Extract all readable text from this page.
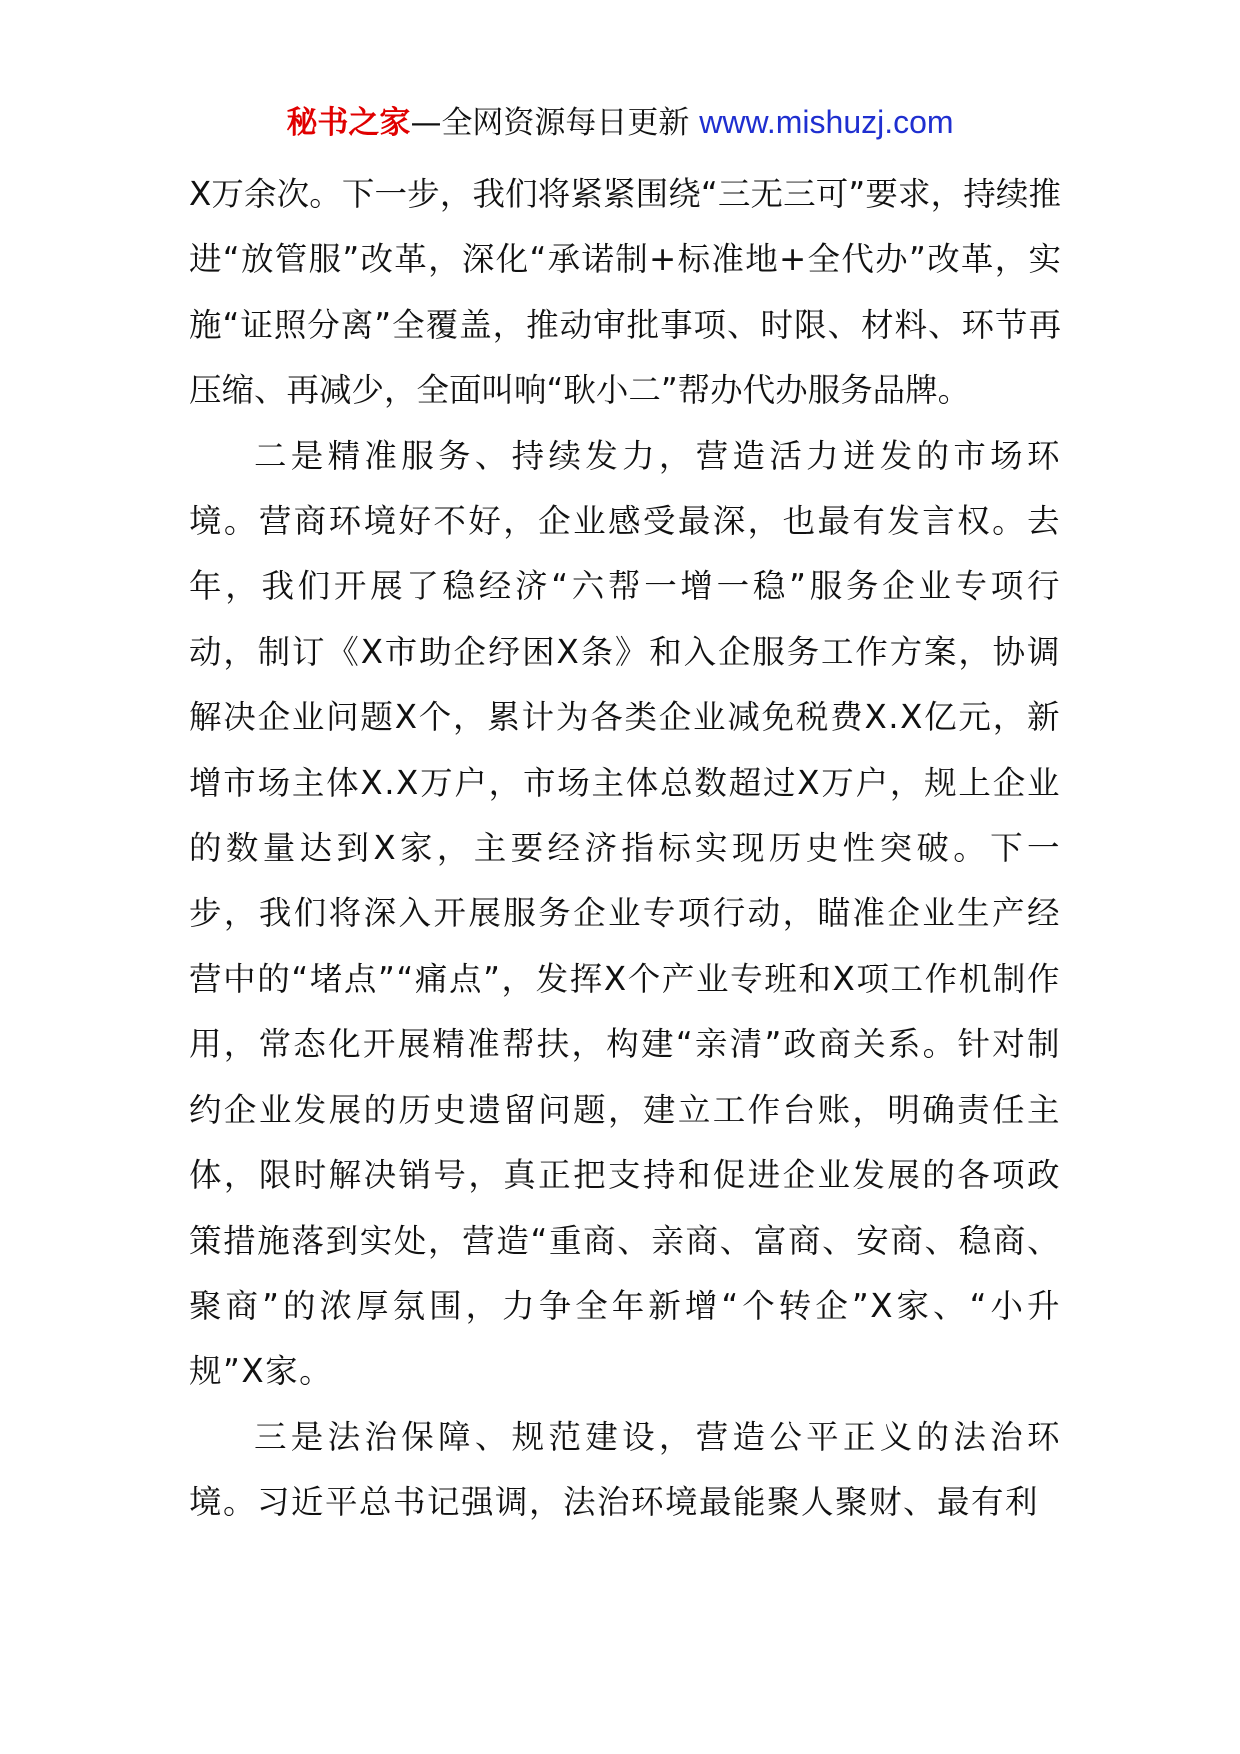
秘书之家—全网资源每日更新 www.mishuzj.com

X万余次。下一步，我们将紧紧围绕“三无三可”要求，持续推进“放管服”改革，深化“承诺制+标准地+全代办”改革，实施“证照分离”全覆盖，推动审批事项、时限、材料、环节再压缩、再减少，全面叫响“耿小二”帮办代办服务品牌。

二是精准服务、持续发力，营造活力迸发的市场环境。营商环境好不好，企业感受最深，也最有发言权。去年，我们开展了稳经济“六帮一增一稳”服务企业专项行动，制订《X市助企纾困X条》和入企服务工作方案，协调解决企业问题X个，累计为各类企业减免税费X.X亿元，新增市场主体X.X万户，市场主体总数超过X万户，规上企业的数量达到X家，主要经济指标实现历史性突破。下一步，我们将深入开展服务企业专项行动，瞄准企业生产经营中的“堵点”“痛点”，发挥X个产业专班和X项工作机制作用，常态化开展精准帮扶，构建“亲清”政商关系。针对制约企业发展的历史遗留问题，建立工作台账，明确责任主体，限时解决销号，真正把支持和促进企业发展的各项政策措施落到实处，营造“重商、亲商、富商、安商、稳商、聚商”的浓厚氛围，力争全年新增“个转企”X家、“小升规”X家。

三是法治保障、规范建设，营造公平正义的法治环境。习近平总书记强调，法治环境最能聚人聚财、最有利
